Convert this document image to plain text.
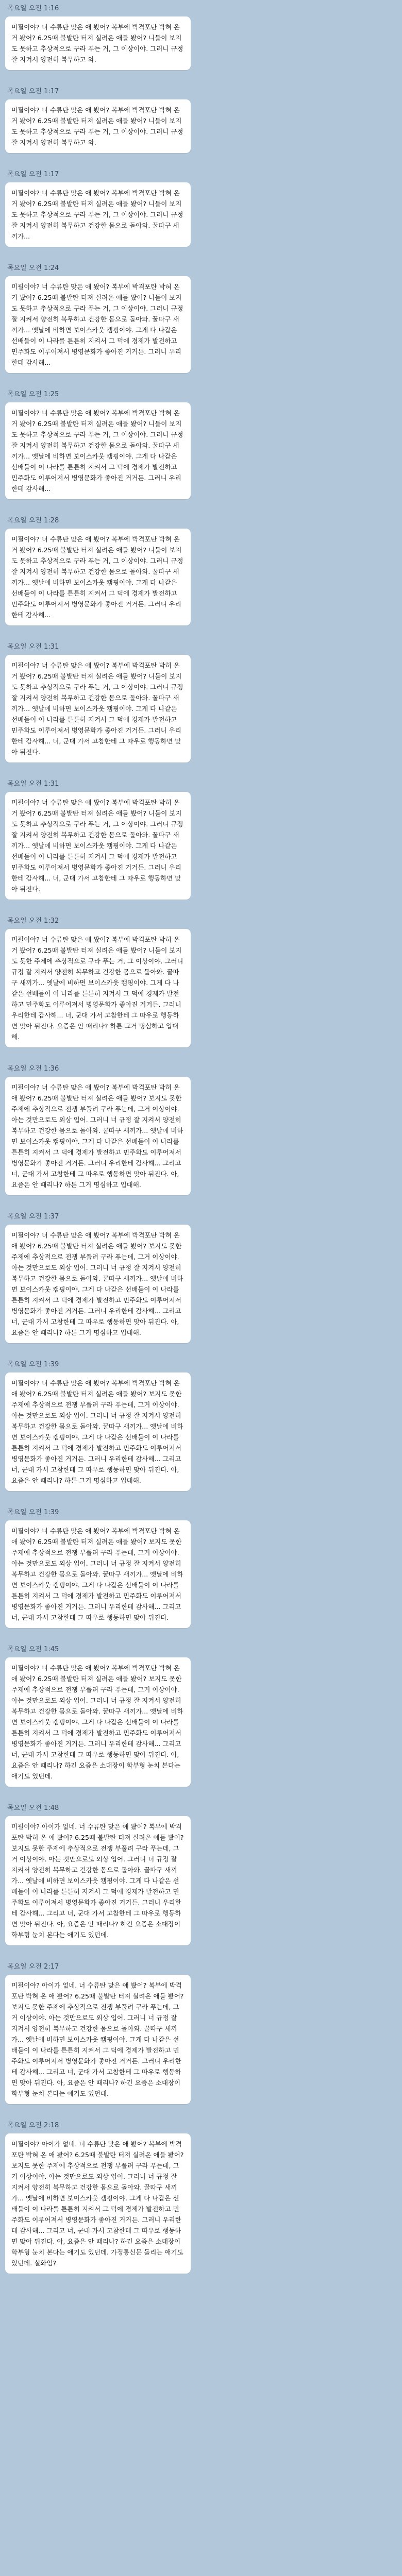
목요일 오전 1:16
미필이야? 너 수류탄 맞은 애 봤어? 복부에 박격포탄 박혀 온 거 봤어? 6.25때 불발탄 터져 실려온 애들 봤어? 니들이 보지도 못하고 추상적으로 구라 푸는 거, 그 이상이야. 그러니 규정 잘 지켜서 양전히 복무하고 와.
목요일 오전 1:17
미필이야? 너 수류탄 맞은 애 봤어? 복부에 박격포탄 박혀 온 거 봤어? 6.25때 불발탄 터져 실려온 애들 봤어? 니들이 보지도 못하고 추상적으로 구라 푸는 거, 그 이상이야. 그러니 규정 잘 지켜서 양전히 복무하고 와.
목요일 오전 1:17
미필이야? 너 수류탄 맞은 애 봤어? 복부에 박격포탄 박혀 온 거 봤어? 6.25때 불발탄 터져 실려온 애들 봤어? 니들이 보지도 못하고 추상적으로 구라 푸는 거, 그 이상이야. 그러니 규정 잘 지켜서 양전히 복무하고 건강한 몸으로 돌아와. 꿀따구 새끼가...
목요일 오전 1:24
미필이야? 너 수류탄 맞은 애 봤어? 복부에 박격포탄 박혀 온 거 봤어? 6.25때 불발탄 터져 실려온 애들 봤어? 니들이 보지도 못하고 추상적으로 구라 푸는 거, 그 이상이야. 그러니 규정 잘 지켜서 양전히 복무하고 건강한 몸으로 돌아와. 꿀따구 새끼가... 옛날에 비하면 보이스카웃 캠핑이야. 그게 다 나같은 선배들이 이 나라를 튼튼히 지켜서 그 덕에 경제가 발전하고 민주화도 이루어져서 병영문화가 좋아진 거거든. 그러니 우리한테 감사해...
목요일 오전 1:25
미필이야? 너 수류탄 맞은 애 봤어? 복부에 박격포탄 박혀 온 거 봤어? 6.25때 불발탄 터져 실려온 애들 봤어? 니들이 보지도 못하고 추상적으로 구라 푸는 거, 그 이상이야. 그러니 규정 잘 지켜서 양전히 복무하고 건강한 몸으로 돌아와. 꿀따구 새끼가... 옛날에 비하면 보이스카웃 캠핑이야. 그게 다 나같은 선배들이 이 나라를 튼튼히 지켜서 그 덕에 경제가 발전하고 민주화도 이루어져서 병영문화가 좋아진 거거든. 그러니 우리한테 감사해...
목요일 오전 1:28
미필이야? 너 수류탄 맞은 애 봤어? 복부에 박격포탄 박혀 온 거 봤어? 6.25때 불발탄 터져 실려온 애들 봤어? 니들이 보지도 못하고 추상적으로 구라 푸는 거, 그 이상이야. 그러니 규정 잘 지켜서 양전히 복무하고 건강한 몸으로 돌아와. 꿀따구 새끼가... 옛날에 비하면 보이스카웃 캠핑이야. 그게 다 나같은 선배들이 이 나라를 튼튼히 지켜서 그 덕에 경제가 발전하고 민주화도 이루어져서 병영문화가 좋아진 거거든. 그러니 우리한테 감사해...
목요일 오전 1:31
미필이야? 너 수류탄 맞은 애 봤어? 복부에 박격포탄 박혀 온 거 봤어? 6.25때 불발탄 터져 실려온 애들 봤어? 니들이 보지도 못하고 추상적으로 구라 푸는 거, 그 이상이야. 그러니 규정 잘 지켜서 양전히 복무하고 건강한 몸으로 돌아와. 꿀따구 새끼가... 옛날에 비하면 보이스카웃 캠핑이야. 그게 다 나같은 선배들이 이 나라를 튼튼히 지켜서 그 덕에 경제가 발전하고 민주화도 이루어져서 병영문화가 좋아진 거거든. 그러니 우리한테 감사해... 너, 군대 가서 고참한테 그 따우로 행동하면 맞아 뒤진다.
목요일 오전 1:31
미필이야? 너 수류탄 맞은 애 봤어? 복부에 박격포탄 박혀 온 거 봤어? 6.25때 불발탄 터져 실려온 애들 봤어? 니들이 보지도 못하고 추상적으로 구라 푸는 거, 그 이상이야. 그러니 규정 잘 지켜서 양전히 복무하고 건강한 몸으로 돌아와. 꿀따구 새끼가... 옛날에 비하면 보이스카웃 캠핑이야. 그게 다 나같은 선배들이 이 나라를 튼튼히 지켜서 그 덕에 경제가 발전하고 민주화도 이루어져서 병영문화가 좋아진 거거든. 그러니 우리한테 감사해... 너, 군대 가서 고참한테 그 따우로 행동하면 맞아 뒤진다.
목요일 오전 1:32
미필이야? 너 수류탄 맞은 애 봤어? 복부에 박격포탄 박혀 온 거 봤어? 6.25때 불발탄 터져 실려온 애들 봤어? 니들이 보지도 못한 주제에 추상적으로 구라 푸는 거, 그 이상이야. 그러니 규정 잘 지켜서 양전히 복무하고 건강한 몸으로 돌아와. 꿀따구 새끼가... 옛날에 비하면 보이스카웃 캠핑이야. 그게 다 나같은 선배들이 이 나라를 튼튼히 지켜서 그 덕에 경제가 발전하고 민주화도 이루어져서 병영문화가 좋아진 거거든. 그러니 우리한테 감사해... 너, 군대 가서 고참한테 그 따우로 행동하면 맞아 뒤진다. 요즘은 안 때리나? 하튼 그거 명심하고 입대해.
목요일 오전 1:36
미필이야? 너 수류탄 맞은 애 봤어? 복부에 박격포탄 박혀 온 애 봤어? 6.25때 불발탄 터져 실려온 애들 봤어? 보지도 못한 주제에 추상적으로 전쟁 부풀려 구라 푸는데, 그거 이상이야. 아는 것만으로도 외상 입어. 그러니 너 규정 잘 지켜서 양전히 복무하고 건강한 몸으로 돌아와. 꿀따구 새끼가... 옛날에 비하면 보이스카웃 캠핑이야. 그게 다 나같은 선배들이 이 나라를 튼튼히 지켜서 그 덕에 경제가 발전하고 민주화도 이루어져서 병영문화가 좋아진 거거든. 그러니 우리한테 감사해... 그리고 너, 군대 가서 고참한테 그 따우로 행동하면 맞아 뒤진다. 아, 요즘은 안 때리나? 하튼 그거 명심하고 입대해.
목요일 오전 1:37
미필이야? 너 수류탄 맞은 애 봤어? 복부에 박격포탄 박혀 온 애 봤어? 6.25때 불발탄 터져 실려온 애들 봤어? 보지도 못한 주제에 추상적으로 전쟁 부풀려 구라 푸는데, 그거 이상이야. 아는 것만으로도 외상 입어. 그러니 너 규정 잘 지켜서 양전히 복무하고 건강한 몸으로 돌아와. 꿀따구 새끼가... 옛날에 비하면 보이스카웃 캠핑이야. 그게 다 나같은 선배들이 이 나라를 튼튼히 지켜서 그 덕에 경제가 발전하고 민주화도 이루어져서 병영문화가 좋아진 거거든. 그러니 우리한테 감사해... 그리고 너, 군대 가서 고참한테 그 따우로 행동하면 맞아 뒤진다. 아, 요즘은 안 때리나? 하튼 그거 명심하고 입대해.
목요일 오전 1:39
미필이야? 너 수류탄 맞은 애 봤어? 복부에 박격포탄 박혀 온 애 봤어? 6.25때 불발탄 터져 실려온 애들 봤어? 보지도 못한 주제에 추상적으로 전쟁 부풀려 구라 푸는데, 그거 이상이야. 아는 것만으로도 외상 입어. 그러니 너 규정 잘 지켜서 양전히 복무하고 건강한 몸으로 돌아와. 꿀따구 새끼가... 옛날에 비하면 보이스카웃 캠핑이야. 그게 다 나같은 선배들이 이 나라를 튼튼히 지켜서 그 덕에 경제가 발전하고 민주화도 이루어져서 병영문화가 좋아진 거거든. 그러니 우리한테 감사해... 그리고 너, 군대 가서 고참한테 그 따우로 행동하면 맞아 뒤진다. 아, 요즘은 안 때리나? 하튼 그거 명심하고 입대해.
목요일 오전 1:39
미필이야? 너 수류탄 맞은 애 봤어? 복부에 박격포탄 박혀 온 애 봤어? 6.25때 불발탄 터져 실려온 애들 봤어? 보지도 못한 주제에 추상적으로 전쟁 부풀려 구라 푸는데, 그거 이상이야. 아는 것만으로도 외상 입어. 그러니 너 규정 잘 지켜서 양전히 복무하고 건강한 몸으로 돌아와. 꿀따구 새끼가... 옛날에 비하면 보이스카웃 캠핑이야. 그게 다 나같은 선배들이 이 나라를 튼튼히 지켜서 그 덕에 경제가 발전하고 민주화도 이루어져서 병영문화가 좋아진 거거든. 그러니 우리한테 감사해... 그리고 너, 군대 가서 고참한테 그 따우로 행동하면 맞아 뒤진다.
목요일 오전 1:45
미필이야? 너 수류탄 맞은 애 봤어? 복부에 박격포탄 박혀 온 애 봤어? 6.25때 불발탄 터져 실려온 애들 봤어? 보지도 못한 주제에 추상적으로 전쟁 부풀려 구라 푸는데, 그거 이상이야. 아는 것만으로도 외상 입어. 그러니 너 규정 잘 지켜서 양전히 복무하고 건강한 몸으로 돌아와. 꿀따구 새끼가... 옛날에 비하면 보이스카웃 캠핑이야. 그게 다 나같은 선배들이 이 나라를 튼튼히 지켜서 그 덕에 경제가 발전하고 민주화도 이루어져서 병영문화가 좋아진 거거든. 그러니 우리한테 감사해... 그리고 너, 군대 가서 고참한테 그 따우로 행동하면 맞아 뒤진다. 아, 요즘은 안 때리나? 하긴 요즘은 소대장이 학부형 눈치 본다는 애기도 있던데.
목요일 오전 1:48
미필이야? 아이가 없네. 너 수류탄 맞은 애 봤어? 복부에 박격포탄 박혀 온 애 봤어? 6.25때 불발탄 터져 실려온 애들 봤어? 보지도 못한 주제에 추상적으로 전쟁 부풀려 구라 푸는데, 그거 이상이야. 아는 것만으로도 외상 입어. 그러니 너 규정 잘 지켜서 양전히 복무하고 건강한 몸으로 돌아와. 꿀따구 새끼가... 옛날에 비하면 보이스카웃 캠핑이야. 그게 다 나같은 선배들이 이 나라를 튼튼히 지켜서 그 덕에 경제가 발전하고 민주화도 이루어져서 병영문화가 좋아진 거거든. 그러니 우리한테 감사해... 그리고 너, 군대 가서 고참한테 그 따우로 행동하면 맞아 뒤진다. 아, 요즘은 안 때리나? 하긴 요즘은 소대장이 학부형 눈치 본다는 애기도 있던데.
목요일 오전 2:17
미필이야? 아이가 없네. 너 수류탄 맞은 애 봤어? 복부에 박격포탄 박혀 온 애 봤어? 6.25때 불발탄 터져 실려온 애들 봤어? 보지도 못한 주제에 추상적으로 전쟁 부풀려 구라 푸는데, 그거 이상이야. 아는 것만으로도 외상 입어. 그러니 너 규정 잘 지켜서 양전히 복무하고 건강한 몸으로 돌아와. 꿀따구 새끼가... 옛날에 비하면 보이스카웃 캠핑이야. 그게 다 나같은 선배들이 이 나라를 튼튼히 지켜서 그 덕에 경제가 발전하고 민주화도 이루어져서 병영문화가 좋아진 거거든. 그러니 우리한테 감사해... 그리고 너, 군대 가서 고참한테 그 따우로 행동하면 맞아 뒤진다. 아, 요즘은 안 때리나? 하긴 요즘은 소대장이 학부형 눈치 본다는 애기도 있던데.
목요일 오전 2:18
미필이야? 아이가 없네. 너 수류탄 맞은 애 봤어? 복부에 박격포탄 박혀 온 애 봤어? 6.25때 불발탄 터져 실려온 애들 봤어? 보지도 못한 주제에 추상적으로 전쟁 부풀려 구라 푸는데, 그거 이상이야. 아는 것만으로도 외상 입어. 그러니 너 규정 잘 지켜서 양전히 복무하고 건강한 몸으로 돌아와. 꿀따구 새끼가... 옛날에 비하면 보이스카웃 캠핑이야. 그게 다 나같은 선배들이 이 나라를 튼튼히 지켜서 그 덕에 경제가 발전하고 민주화도 이루어져서 병영문화가 좋아진 거거든. 그러니 우리한테 감사해... 그리고 너, 군대 가서 고참한테 그 따우로 행동하면 맞아 뒤진다. 아, 요즘은 안 때리나? 하긴 요즘은 소대장이 학부형 눈치 본다는 애기도 있던데. 가정통신문 돌리는 애기도 있던데. 실화임?
